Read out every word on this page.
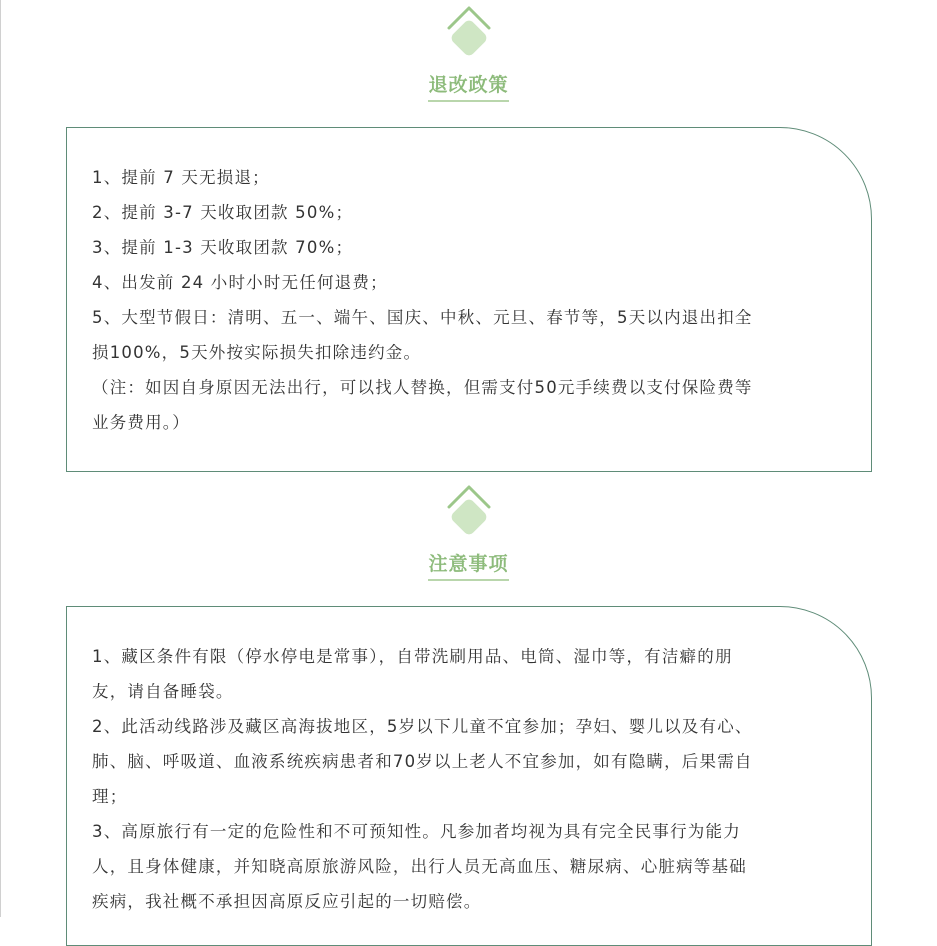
退改政策

1、提前 7 天无损退；

2、提前 3-7 天收取团款 50%；

3、提前 1-3 天收取团款 70%；

4、出发前 24 小时小时无任何退费；

5、大型节假日：清明、五一、端午、国庆、中秋、元旦、春节等，5天以内退出扣全

损100%，5天外按实际损失扣除违约金。

（注：如因自身原因无法出行，可以找人替换，但需支付50元手续费以支付保险费等

业务费用。）

注意事项

1、藏区条件有限（停水停电是常事），自带洗刷用品、电筒、湿巾等，有洁癖的朋

友，请自备睡袋。

2、此活动线路涉及藏区高海拔地区，5岁以下儿童不宜参加；孕妇、婴儿以及有心、

肺、脑、呼吸道、血液系统疾病患者和70岁以上老人不宜参加，如有隐瞒，后果需自

理；

3、高原旅行有一定的危险性和不可预知性。凡参加者均视为具有完全民事行为能力

人，且身体健康，并知晓高原旅游风险，出行人员无高血压、糖尿病、心脏病等基础

疾病，我社概不承担因高原反应引起的一切赔偿。
